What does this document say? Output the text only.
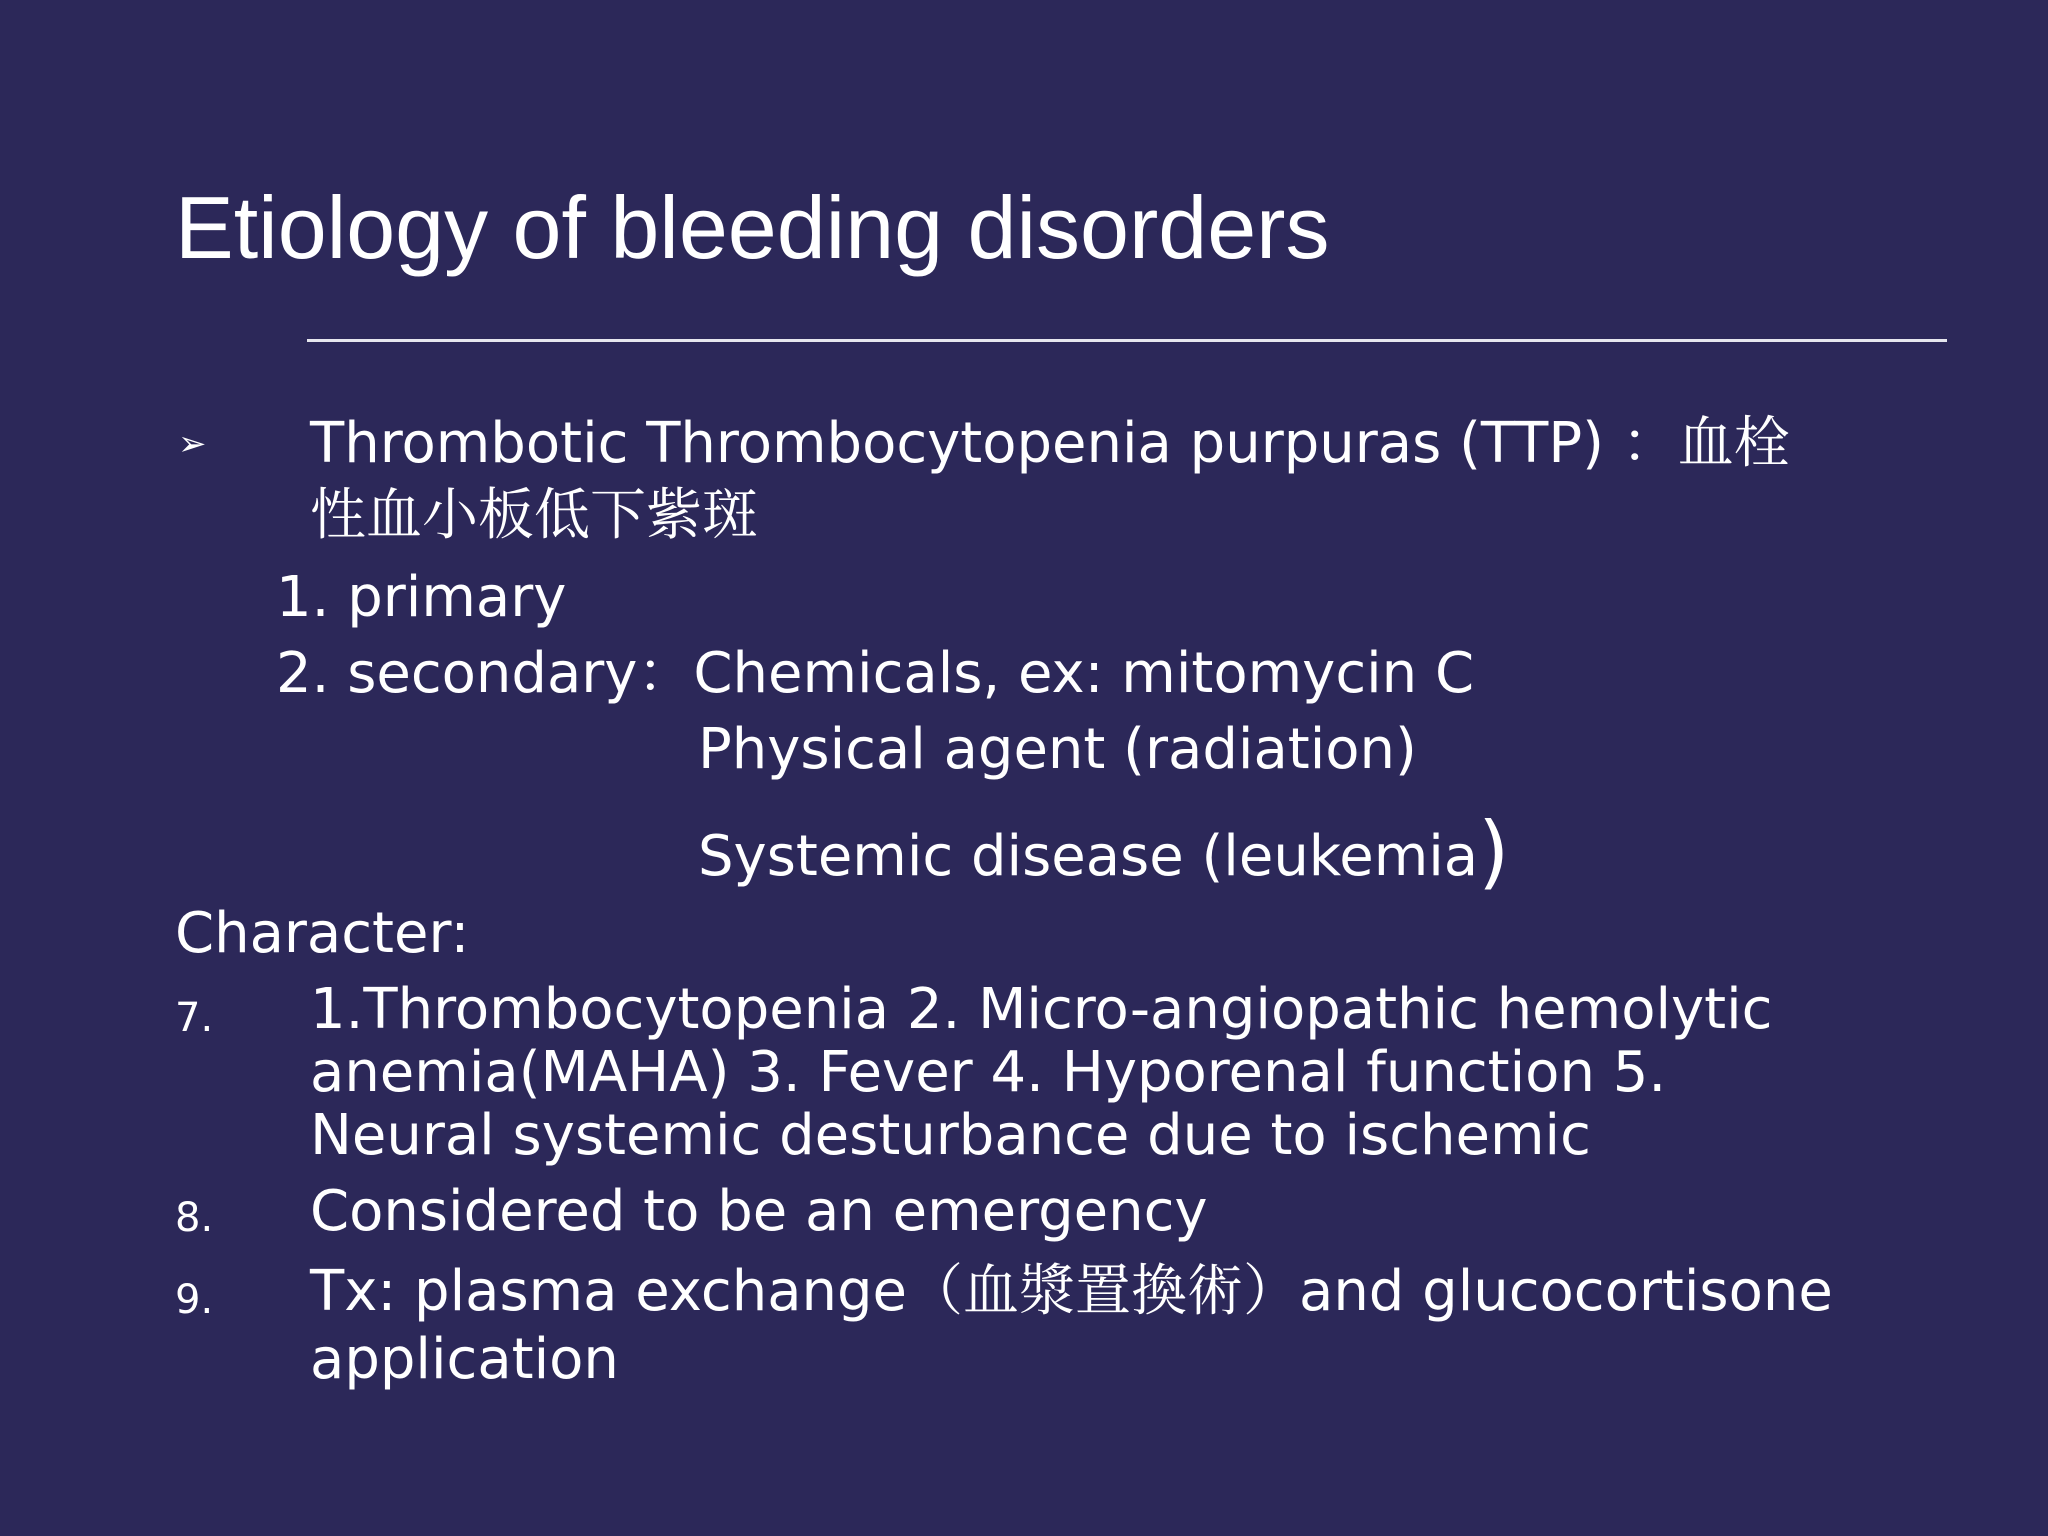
Etiology of bleeding disorders
➢ Thrombotic Thrombocytopenia purpuras (TTP) ：血栓
性血小板低下紫斑
1. primary
2. secondary：Chemicals, ex: mitomycin C
Physical agent (radiation)
Systemic disease (leukemia)
Character:
7. 1.Thrombocytopenia 2. Micro-angiopathic hemolytic
anemia(MAHA) 3. Fever 4. Hyporenal function 5.
Neural systemic desturbance due to ischemic
8. Considered to be an emergency
9. Tx: plasma exchange（血漿置換術）and glucocortisone
application
